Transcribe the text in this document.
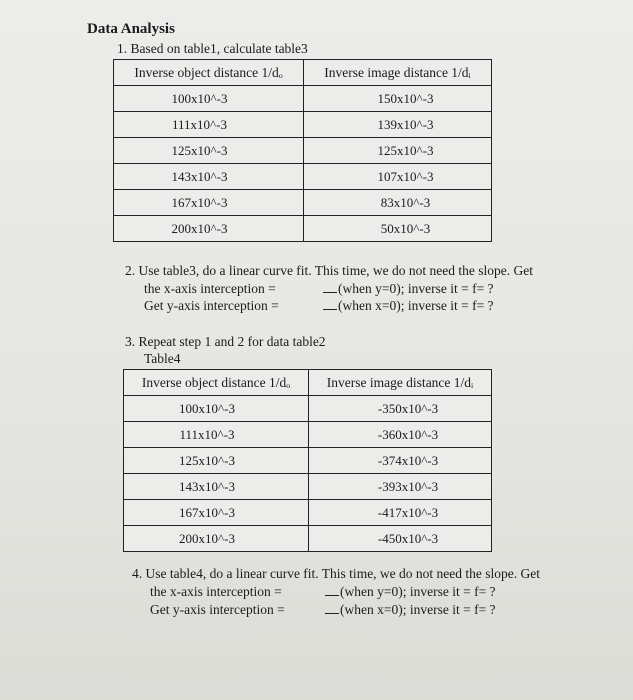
Data Analysis
1. Based on table1, calculate table3
Inverse object distance 1/dₒ	Inverse image distance 1/dᵢ
100x10^-3	150x10^-3
111x10^-3	139x10^-3
125x10^-3	125x10^-3
143x10^-3	107x10^-3
167x10^-3	83x10^-3
200x10^-3	50x10^-3
2. Use table3, do a linear curve fit. This time, we do not need the slope. Get
the x-axis interception =	(when y=0); inverse it = f= ?
Get y-axis interception =	(when x=0); inverse it = f= ?
3. Repeat step 1 and 2 for data table2
Table4
Inverse object distance 1/dₒ	Inverse image distance 1/dᵢ
100x10^-3	-350x10^-3
111x10^-3	-360x10^-3
125x10^-3	-374x10^-3
143x10^-3	-393x10^-3
167x10^-3	-417x10^-3
200x10^-3	-450x10^-3
4. Use table4, do a linear curve fit. This time, we do not need the slope. Get
the x-axis interception =	(when y=0); inverse it = f= ?
Get y-axis interception =	(when x=0); inverse it = f= ?
